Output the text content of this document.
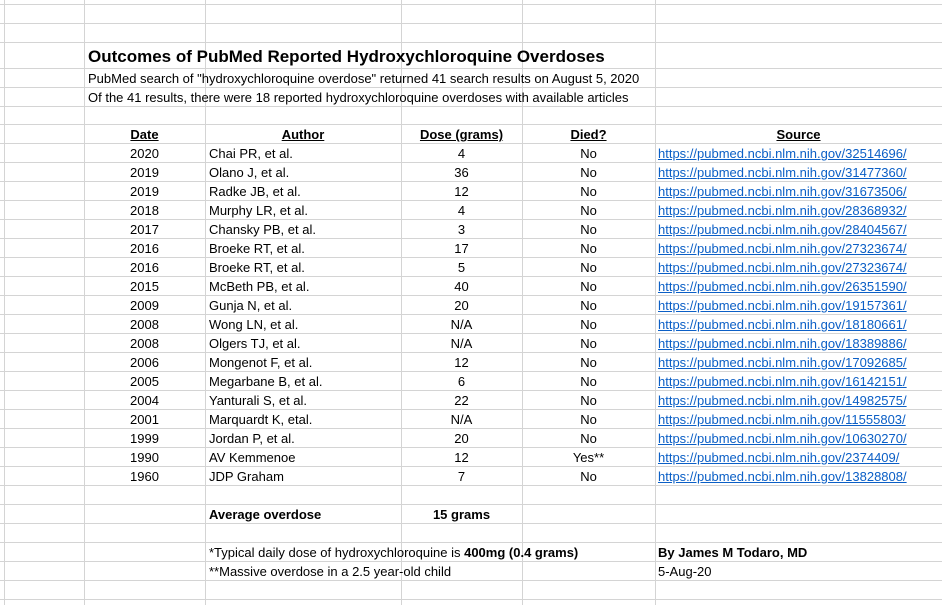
Outcomes of PubMed Reported Hydroxychloroquine Overdoses
PubMed search of "hydroxychloroquine overdose" returned 41 search results on August 5, 2020
Of the 41 results, there were 18 reported hydroxychloroquine overdoses with available articles
Date	Author	Dose (grams)	Died?	Source
2020	Chai PR, et al.	4	No	https://pubmed.ncbi.nlm.nih.gov/32514696/
2019	Olano J, et al.	36	No	https://pubmed.ncbi.nlm.nih.gov/31477360/
2019	Radke JB, et al.	12	No	https://pubmed.ncbi.nlm.nih.gov/31673506/
2018	Murphy LR, et al.	4	No	https://pubmed.ncbi.nlm.nih.gov/28368932/
2017	Chansky PB, et al.	3	No	https://pubmed.ncbi.nlm.nih.gov/28404567/
2016	Broeke RT, et al.	17	No	https://pubmed.ncbi.nlm.nih.gov/27323674/
2016	Broeke RT, et al.	5	No	https://pubmed.ncbi.nlm.nih.gov/27323674/
2015	McBeth PB, et al.	40	No	https://pubmed.ncbi.nlm.nih.gov/26351590/
2009	Gunja N, et al.	20	No	https://pubmed.ncbi.nlm.nih.gov/19157361/
2008	Wong LN, et al.	N/A	No	https://pubmed.ncbi.nlm.nih.gov/18180661/
2008	Olgers TJ, et al.	N/A	No	https://pubmed.ncbi.nlm.nih.gov/18389886/
2006	Mongenot F, et al.	12	No	https://pubmed.ncbi.nlm.nih.gov/17092685/
2005	Megarbane B, et al.	6	No	https://pubmed.ncbi.nlm.nih.gov/16142151/
2004	Yanturali S, et al.	22	No	https://pubmed.ncbi.nlm.nih.gov/14982575/
2001	Marquardt K, etal.	N/A	No	https://pubmed.ncbi.nlm.nih.gov/11555803/
1999	Jordan P, et al.	20	No	https://pubmed.ncbi.nlm.nih.gov/10630270/
1990	AV Kemmenoe	12	Yes**	https://pubmed.ncbi.nlm.nih.gov/2374409/
1960	JDP Graham	7	No	https://pubmed.ncbi.nlm.nih.gov/13828808/
Average overdose	15 grams
*Typical daily dose of hydroxychloroquine is 400mg (0.4 grams)
**Massive overdose in a 2.5 year-old child
By James M Todaro, MD
5-Aug-20
